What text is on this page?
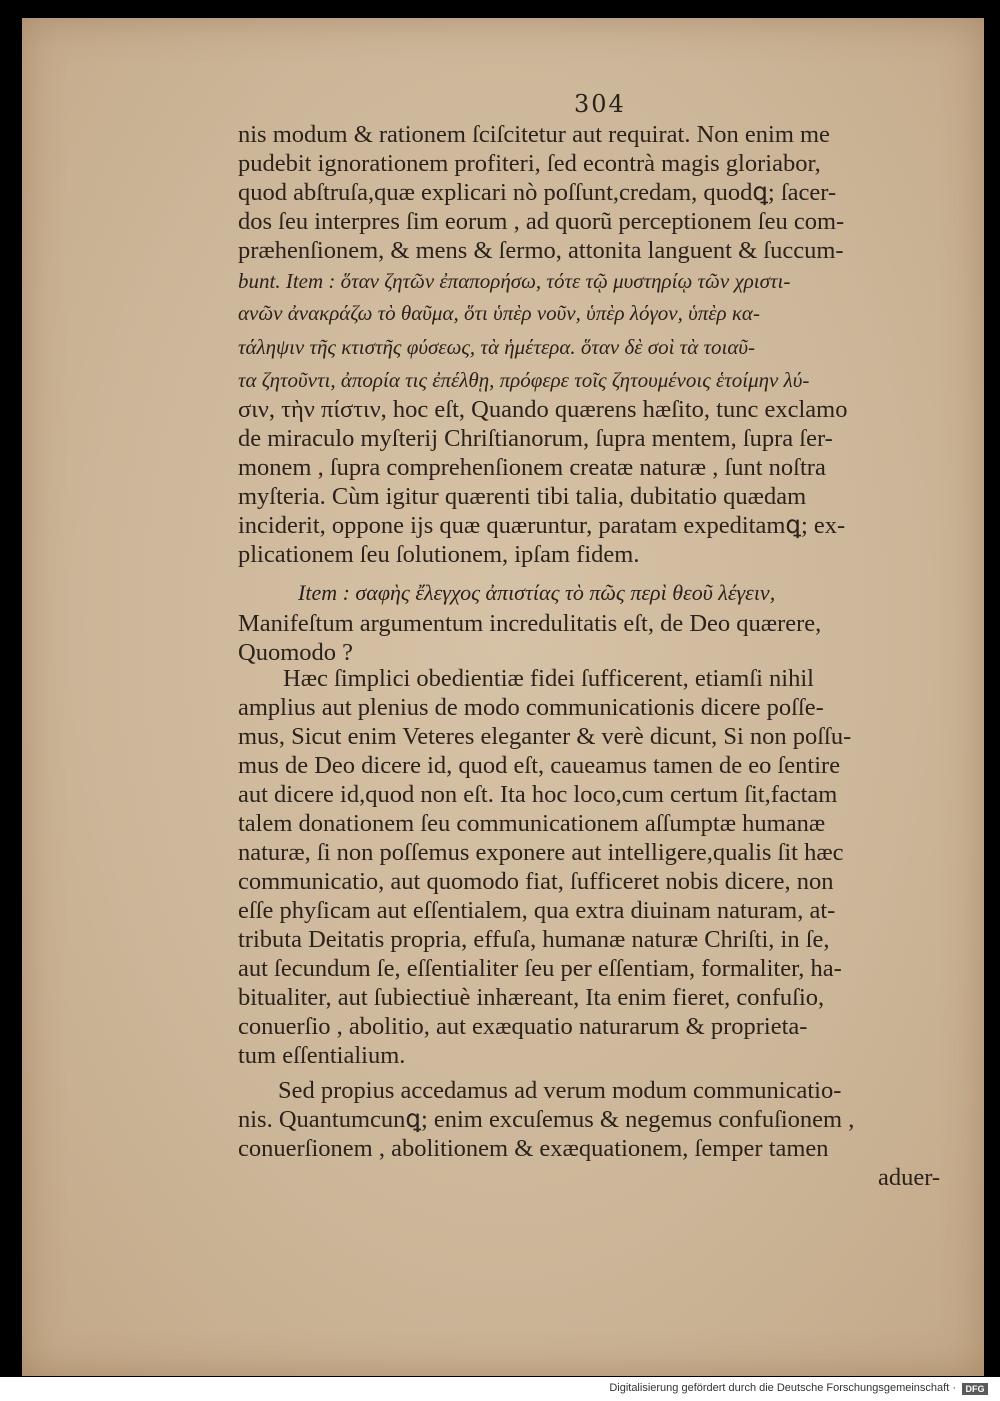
304
nis modum & rationem ſciſcitetur aut requirat. Non enim me
pudebit ignorationem profiteri, ſed econtrà magis gloriabor,
quod abſtruſa,quæ explicari nò poſſunt,credam, quodꝗ; ſacer-
dos ſeu interpres ſim eorum , ad quorũ perceptionem ſeu com-
præhenſionem, & mens & ſermo, attonita languent & ſuccum-
bunt. Item : ὅταν ζητῶν ἐπαπορήσω, τότε τῷ μυστηρίῳ τῶν χριστι-
ανῶν ἀνακράζω τὸ θαῦμα, ὅτι ὑπὲρ νοῦν, ὑπὲρ λόγον, ὑπὲρ κα-
τάληψιν τῆς κτιστῆς φύσεως, τὰ ἡμέτερα. ὅταν δὲ σοὶ τὰ τοιαῦ-
τα ζητοῦντι, ἀπορία τις ἐπέλθῃ, πρόφερε τοῖς ζητουμένοις ἑτοίμην λύ-
σιν, τὴν πίστιν, hoc eſt, Quando quærens hæſito, tunc exclamo
de miraculo myſterij Chriſtianorum, ſupra mentem, ſupra ſer-
monem , ſupra comprehenſionem creatæ naturæ , ſunt noſtra
myſteria. Cùm igitur quærenti tibi talia, dubitatio quædam
inciderit, oppone ijs quæ quæruntur, paratam expeditamꝗ; ex-
plicationem ſeu ſolutionem, ipſam fidem.
Item : σαφὴς ἔλεγχος ἀπιστίας τὸ πῶς περὶ θεοῦ λέγειν,
Manifeſtum argumentum incredulitatis eſt, de Deo quærere,
Quomodo ?
Hæc ſimplici obedientiæ fidei ſufficerent, etiamſi nihil
amplius aut plenius de modo communicationis dicere poſſe-
mus, Sicut enim Veteres eleganter & verè dicunt, Si non poſſu-
mus de Deo dicere id, quod eſt, caueamus tamen de eo ſentire
aut dicere id,quod non eſt. Ita hoc loco,cum certum ſit,factam
talem donationem ſeu communicationem aſſumptæ humanæ
naturæ, ſi non poſſemus exponere aut intelligere,qualis ſit hæc
communicatio, aut quomodo fiat, ſufficeret nobis dicere, non
eſſe phyſicam aut eſſentialem, qua extra diuinam naturam, at-
tributa Deitatis propria, effuſa, humanæ naturæ Chriſti, in ſe,
aut ſecundum ſe, eſſentialiter ſeu per eſſentiam, formaliter, ha-
bitualiter, aut ſubiectiuè inhæreant, Ita enim fieret, confuſio,
conuerſio , abolitio, aut exæquatio naturarum & proprieta-
tum eſſentialium.
Sed propius accedamus ad verum modum communicatio-
nis. Quantumcunꝗ; enim excuſemus & negemus confuſionem ,
conuerſionem , abolitionem & exæquationem, ſemper tamen
aduer-
Digitalisierung gefördert durch die Deutsche Forschungsgemeinschaft ·	DFG
